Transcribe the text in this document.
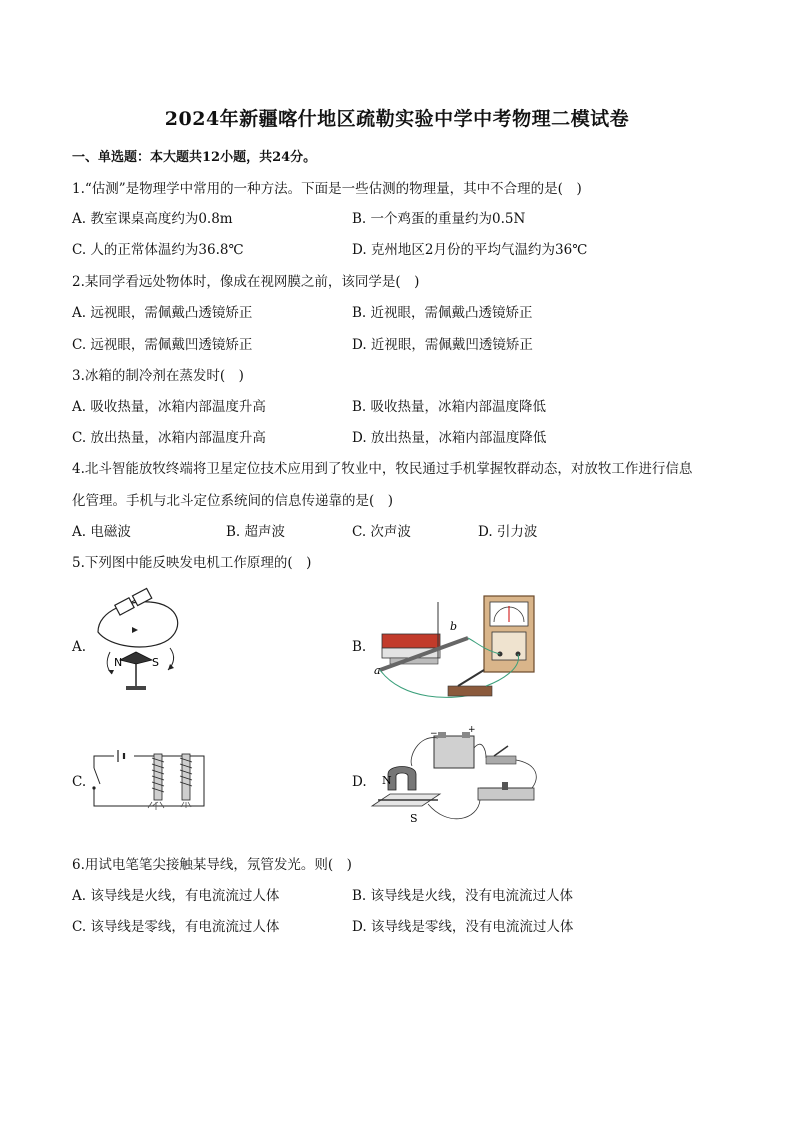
2024年新疆喀什地区疏勒实验中学中考物理二模试卷
一、单选题：本大题共12小题，共24分。
1.“估测”是物理学中常用的一种方法。下面是一些估测的物理量，其中不合理的是(　)
A. 教室课桌高度约为0.8m	B. 一个鸡蛋的重量约为0.5N
C. 人的正常体温约为36.8℃	D. 克州地区2月份的平均气温约为36℃
2.某同学看远处物体时，像成在视网膜之前，该同学是(　)
A. 远视眼，需佩戴凸透镜矫正	B. 近视眼，需佩戴凸透镜矫正
C. 远视眼，需佩戴凹透镜矫正	D. 近视眼，需佩戴凹透镜矫正
3.冰箱的制冷剂在蒸发时(　)
A. 吸收热量，冰箱内部温度升高	B. 吸收热量，冰箱内部温度降低
C. 放出热量，冰箱内部温度升高	D. 放出热量，冰箱内部温度降低
4.北斗智能放牧终端将卫星定位技术应用到了牧业中，牧民通过手机掌握牧群动态，对放牧工作进行信息
化管理。手机与北斗定位系统间的信息传递靠的是(　)
A. 电磁波	B. 超声波	C. 次声波	D. 引力波
5.下列图中能反映发电机工作原理的(　)
A.	B.
C.	D.
N	S
b
a
−	+
N
S
6.用试电笔笔尖接触某导线，氖管发光。则(　)
A. 该导线是火线，有电流流过人体	B. 该导线是火线，没有电流流过人体
C. 该导线是零线，有电流流过人体	D. 该导线是零线，没有电流流过人体
